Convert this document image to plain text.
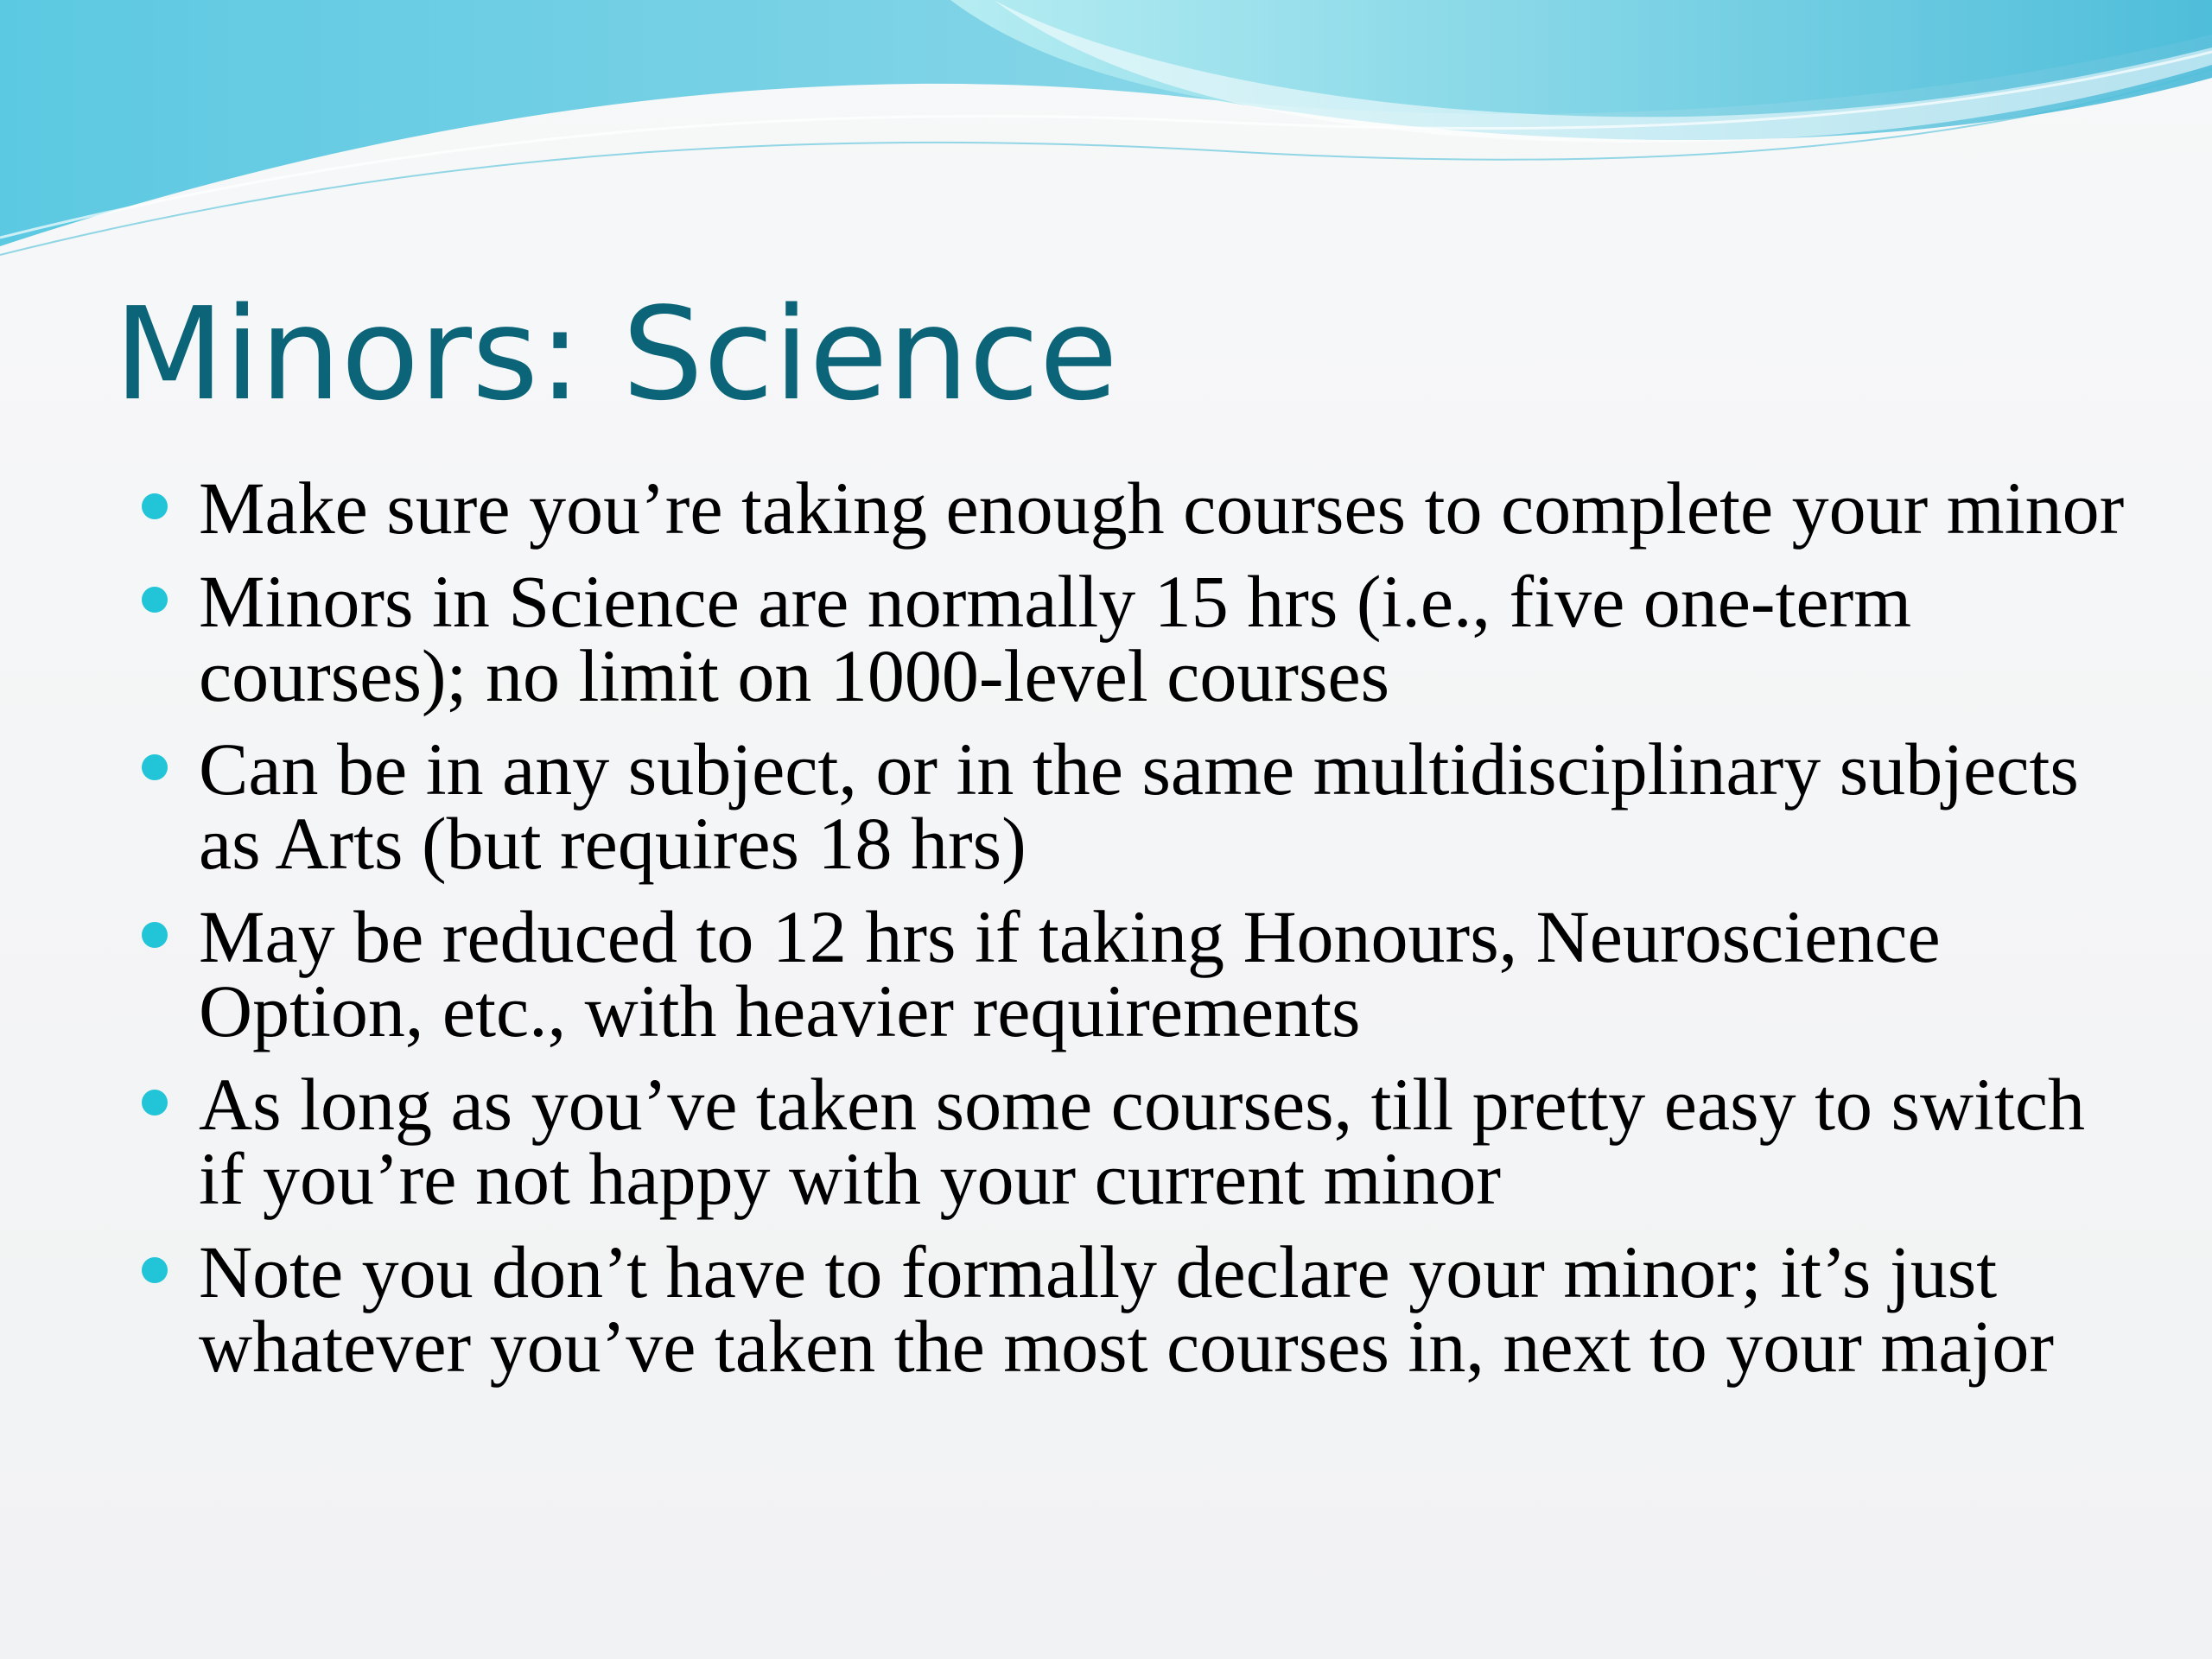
Minors: Science
Make sure you’re taking enough courses to complete your minor
Minors in Science are normally 15 hrs (i.e., five one-term courses); no limit on 1000-level courses
Can be in any subject, or in the same multidisciplinary subjects as Arts (but requires 18 hrs)
May be reduced to 12 hrs if taking Honours, Neuroscience Option, etc., with heavier requirements
As long as you’ve taken some courses, till pretty easy to switch if you’re not happy with your current minor
Note you don’t have to formally declare your minor; it’s just whatever you’ve taken the most courses in, next to your major
